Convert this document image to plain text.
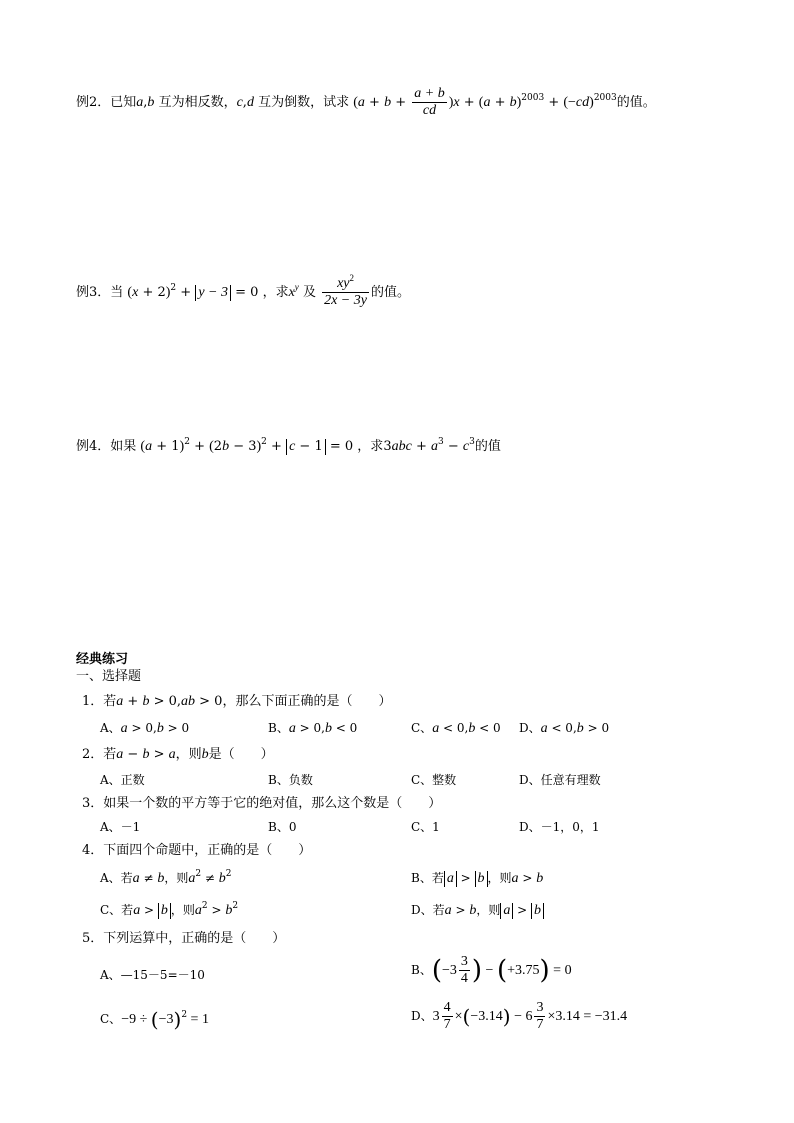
例2．已知a,b 互为相反数，c,d 互为倒数，试求 $(a + b + \frac{a + b}{cd} )x + (a + b)^{2003} + (-cd)^{2003}$的值。
例3．当 $(x + 2)^2 + y - 3 = 0$ ，求$x^y$ 及 $\frac{xy^2}{2x - 3y}$ 的值。
例4．如果 $(a + 1)^2 + (2b - 3)^2 + c - 1 = 0$ ，求$3abc + a^3 - c^3$的值
经典练习
一、选择题
1．若a + b > 0,ab > 0，那么下面正确的是（　　）
A、a > 0,b > 0	B、a > 0,b < 0	C、a < 0,b < 0 D、a < 0,b > 0
2．若a − b > a，则b是（　　）
A、正数	B、负数	C、整数	D、任意有理数
3．如果一个数的平方等于它的绝对值，那么这个数是（　　）
A、－1	B、0	C、1	D、－1，0，1
4．下面四个命题中，正确的是（　　）
A、若a ≠ b，则$a^2 \ne b^2$	B、若 a > b ，则a > b
C、若a > b ，则$a^2 > b^2$	D、若a > b，则 a > b
5．下列运算中，正确的是（　　）
A、—15－5=－10	B、($-3 \frac{3}{4}$ ) − (+3.75) = 0
C、$-9 \div (-3)^2 = 1$	D、$3 \frac{4}{7} \times(-3.14) - 6 \frac{3}{7} \times 3.14 = -31.4$
